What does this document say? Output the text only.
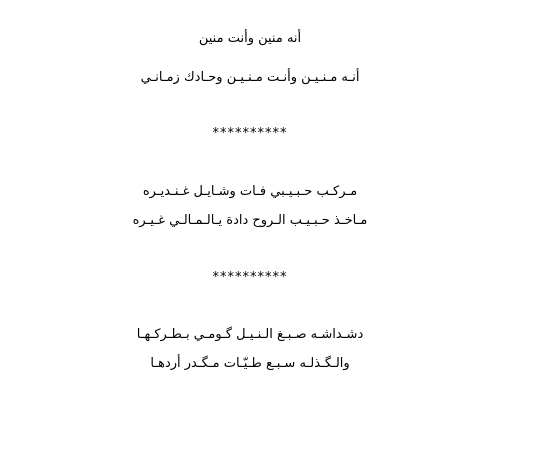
أنه منين وأنت منين
أنـه مـنـيـن وأنـت مـنـيـن وحـادك زمـانـي
**********
مـركـب حـبـيـبي فـات وشـايـل غـنـديـره
مـاخـذ حـبـيـب الـروح دادة يـالـمـالـي غـيـره
**********
دشـداشـه صـبـغ الـنـيـل گـومـي بـطـركـهـا
والـگـذلـه سـبـع طـيّـات مـگـدر أردهـا
